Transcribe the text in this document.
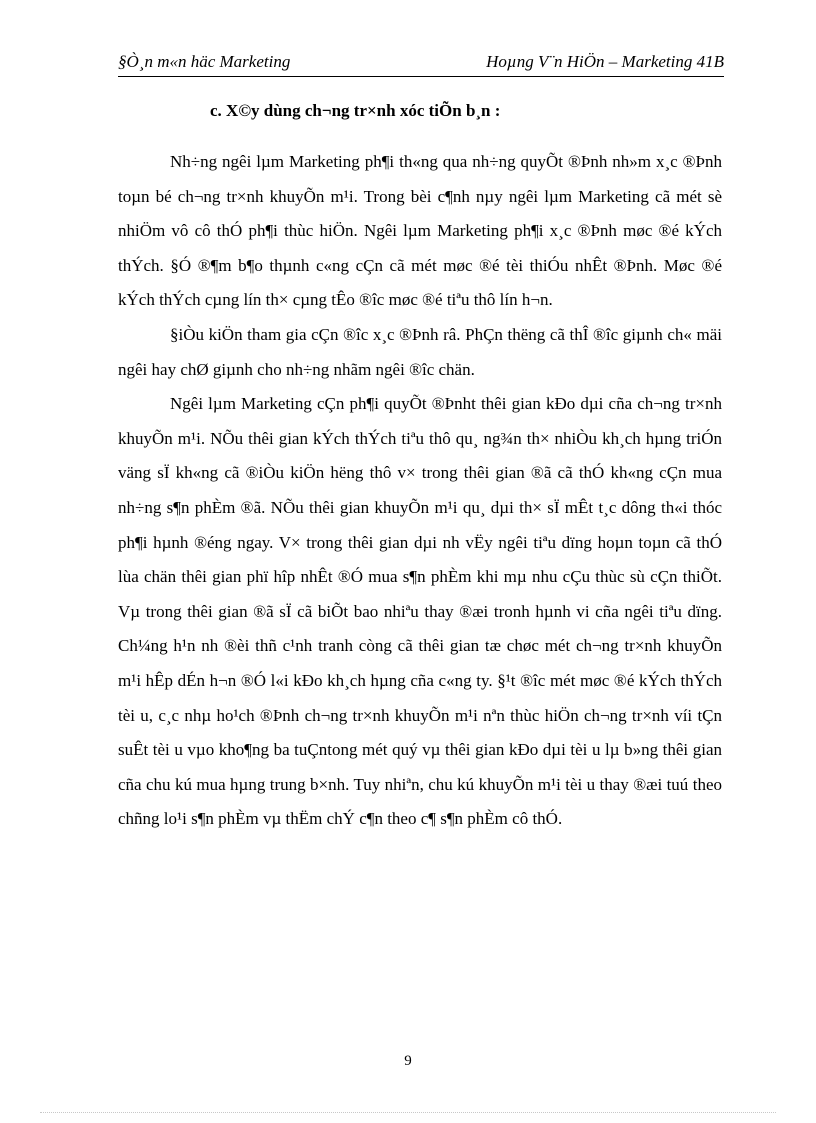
§Ò¸n m«n häc Marketing	Hoµng V¨n HiÖn – Marketing 41B
c. X©y dùng ch¬ng tr×nh xóc tiÕn b¸n :

Nh÷ng ngêi lµm Marketing ph¶i th«ng qua nh÷ng quyÕt ®Þnh nh»m x¸c ®Þnh toµn bé ch¬ng tr×nh khuyÕn m¹i. Trong bèi c¶nh nµy ngêi lµm Marketing cã mét sè nhiÖm vô cô thÓ ph¶i thùc hiÖn. Ngêi lµm Marketing ph¶i x¸c ®Þnh møc ®é kÝch thÝch. §Ó ®¶m b¶o thµnh c«ng cÇn cã mét møc ®é tèi thiÓu nhÊt ®Þnh. Møc ®é kÝch thÝch cµng lín th× cµng tÊo ®îc møc ®é tiªu thô lín h¬n.

§iÒu kiÖn tham gia cÇn ®îc x¸c ®Þnh râ. PhÇn thëng cã thÎ ®îc giµnh ch« mäi ngêi hay chØ giµnh cho nh÷ng nhãm ngêi ®îc chän.

Ngêi lµm Marketing cÇn ph¶i quyÕt ®Þnht thêi gian kÐo dµi cña ch¬ng tr×nh khuyÕn m¹i. NÕu thêi gian kÝch thÝch tiªu thô qu¸ ng¾n th× nhiÒu kh¸ch hµng triÓn väng sÏ kh«ng cã ®iÒu kiÖn hëng thô v× trong thêi gian ®ã cã thÓ kh«ng cÇn mua nh÷ng s¶n phÈm ®ã. NÕu thêi gian khuyÕn m¹i qu¸ dµi th× sÏ mÊt t¸c dông th«i thóc ph¶i hµnh ®éng ngay. V× trong thêi gian dµi nh vËy ngêi tiªu dïng hoµn toµn cã thÓ lùa chän thêi gian phï hîp nhÊt ®Ó mua s¶n phÈm khi mµ nhu cÇu thùc sù cÇn thiÕt. Vµ trong thêi gian ®ã sÏ cã biÕt bao nhiªu thay ®æi tronh hµnh vi cña ngêi tiªu dïng. Ch¼ng h¹n nh ®èi thñ c¹nh tranh còng cã thêi gian tæ chøc mét ch¬ng tr×nh khuyÕn m¹i hÊp dÉn h¬n ®Ó l«i kÐo kh¸ch hµng cña c«ng ty. §¹t ®îc mét møc ®é kÝch thÝch tèi u, c¸c nhµ ho¹ch ®Þnh ch¬ng tr×nh khuyÕn m¹i nªn thùc hiÖn ch¬ng tr×nh víi tÇn suÊt tèi u vµo kho¶ng ba tuÇntong mét quý vµ thêi gian kÐo dµi tèi u lµ b»ng thêi gian cña chu kú mua hµng trung b×nh. Tuy nhiªn, chu kú khuyÕn m¹i tèi u thay ®æi tuú theo chñng lo¹i s¶n phÈm vµ thËm chÝ c¶n theo c¶ s¶n phÈm cô thÓ.

9
